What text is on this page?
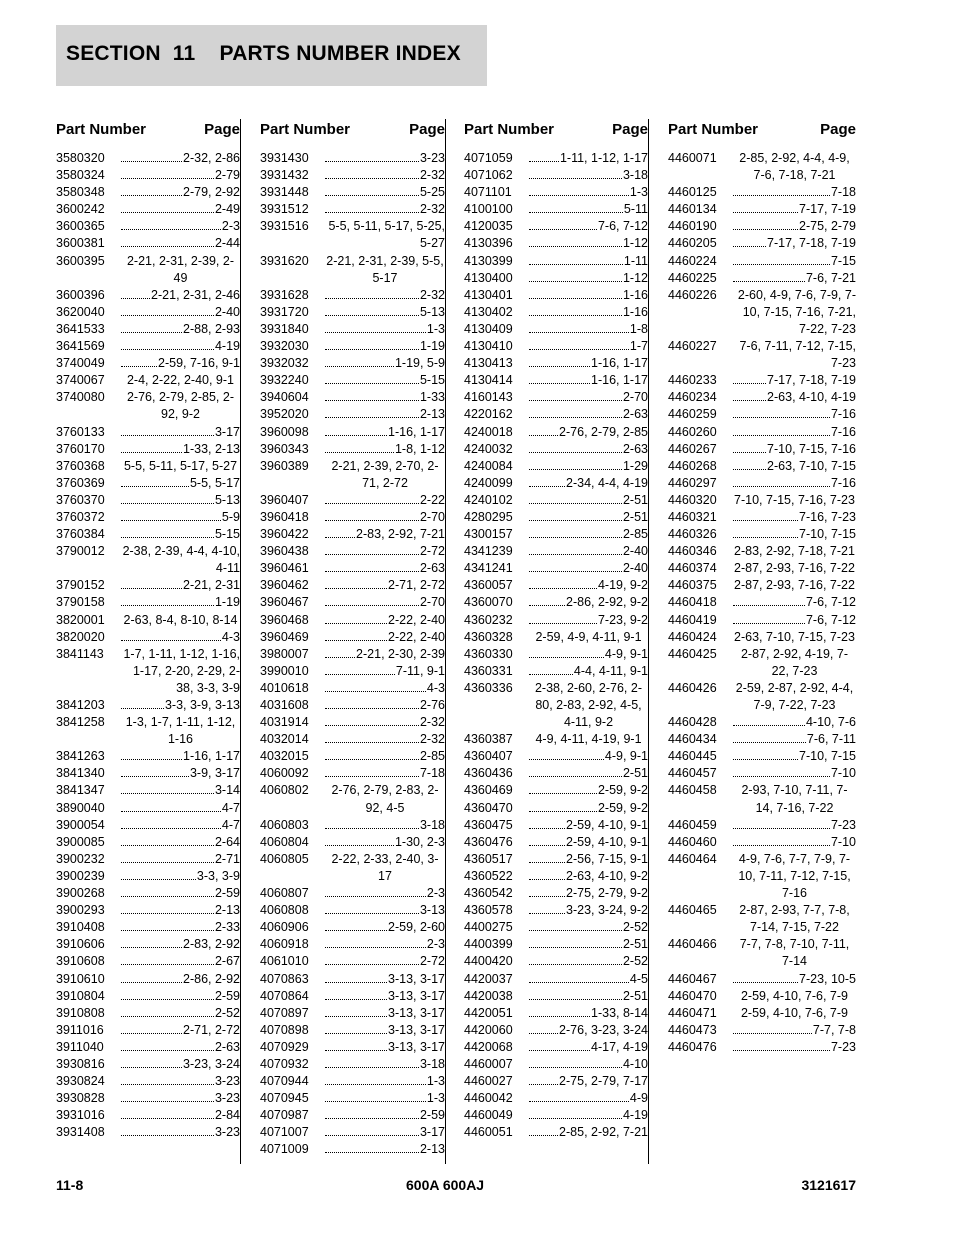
SECTION  11    PARTS NUMBER INDEX
Part Number	Page
3580320	2-32, 2-86
3580324	2-79
3580348	2-79, 2-92
3600242	2-49
3600365	2-3
3600381	2-44
3600395	2-21, 2-31, 2-39, 2-49
3600396	2-21, 2-31, 2-46
3620040	2-40
3641533	2-88, 2-93
3641569	4-19
3740049	2-59, 7-16, 9-1
3740067	2-4, 2-22, 2-40, 9-1
3740080	2-76, 2-79, 2-85, 2-92, 9-2
3760133	3-17
3760170	1-33, 2-13
3760368	5-5, 5-11, 5-17, 5-27
3760369	5-5, 5-17
3760370	5-13
3760372	5-9
3760384	5-15
3790012	2-38, 2-39, 4-4, 4-10, 4-11
3790152	2-21, 2-31
3790158	1-19
3820001	2-63, 8-4, 8-10, 8-14
3820020	4-3
3841143	1-7, 1-11, 1-12, 1-16, 1-17, 2-20, 2-29, 2-38, 3-3, 3-9
3841203	3-3, 3-9, 3-13
3841258	1-3, 1-7, 1-11, 1-12, 1-16
3841263	1-16, 1-17
3841340	3-9, 3-17
3841347	3-14
3890040	4-7
3900054	4-7
3900085	2-64
3900232	2-71
3900239	3-3, 3-9
3900268	2-59
3900293	2-13
3910408	2-33
3910606	2-83, 2-92
3910608	2-67
3910610	2-86, 2-92
3910804	2-59
3910808	2-52
3911016	2-71, 2-72
3911040	2-63
3930816	3-23, 3-24
3930824	3-23
3930828	3-23
3931016	2-84
3931408	3-23
Part Number	Page
3931430	3-23
3931432	2-32
3931448	5-25
3931512	2-32
3931516	5-5, 5-11, 5-17, 5-25, 5-27
3931620	2-21, 2-31, 2-39, 5-5, 5-17
3931628	2-32
3931720	5-13
3931840	1-3
3932030	1-19
3932032	1-19, 5-9
3932240	5-15
3940604	1-33
3952020	2-13
3960098	1-16, 1-17
3960343	1-8, 1-12
3960389	2-21, 2-39, 2-70, 2-71, 2-72
3960407	2-22
3960418	2-70
3960422	2-83, 2-92, 7-21
3960438	2-72
3960461	2-63
3960462	2-71, 2-72
3960467	2-70
3960468	2-22, 2-40
3960469	2-22, 2-40
3980007	2-21, 2-30, 2-39
3990010	7-11, 9-1
4010618	4-3
4031608	2-76
4031914	2-32
4032014	2-32
4032015	2-85
4060092	7-18
4060802	2-76, 2-79, 2-83, 2-92, 4-5
4060803	3-18
4060804	1-30, 2-3
4060805	2-22, 2-33, 2-40, 3-17
4060807	2-3
4060808	3-13
4060906	2-59, 2-60
4060918	2-3
4061010	2-72
4070863	3-13, 3-17
4070864	3-13, 3-17
4070897	3-13, 3-17
4070898	3-13, 3-17
4070929	3-13, 3-17
4070932	3-18
4070944	1-3
4070945	1-3
4070987	2-59
4071007	3-17
4071009	2-13
Part Number	Page
4071059	1-11, 1-12, 1-17
4071062	3-18
4071101	1-3
4100100	5-11
4120035	7-6, 7-12
4130396	1-12
4130399	1-11
4130400	1-12
4130401	1-16
4130402	1-16
4130409	1-8
4130410	1-7
4130413	1-16, 1-17
4130414	1-16, 1-17
4160143	2-70
4220162	2-63
4240018	2-76, 2-79, 2-85
4240032	2-63
4240084	1-29
4240099	2-34, 4-4, 4-19
4240102	2-51
4280295	2-51
4300157	2-85
4341239	2-40
4341241	2-40
4360057	4-19, 9-2
4360070	2-86, 2-92, 9-2
4360232	7-23, 9-2
4360328	2-59, 4-9, 4-11, 9-1
4360330	4-9, 9-1
4360331	4-4, 4-11, 9-1
4360336	2-38, 2-60, 2-76, 2-80, 2-83, 2-92, 4-5, 4-11, 9-2
4360387	4-9, 4-11, 4-19, 9-1
4360407	4-9, 9-1
4360436	2-51
4360469	2-59, 9-2
4360470	2-59, 9-2
4360475	2-59, 4-10, 9-1
4360476	2-59, 4-10, 9-1
4360517	2-56, 7-15, 9-1
4360522	2-63, 4-10, 9-2
4360542	2-75, 2-79, 9-2
4360578	3-23, 3-24, 9-2
4400275	2-52
4400399	2-51
4400420	2-52
4420037	4-5
4420038	2-51
4420051	1-33, 8-14
4420060	2-76, 3-23, 3-24
4420068	4-17, 4-19
4460007	4-10
4460027	2-75, 2-79, 7-17
4460042	4-9
4460049	4-19
4460051	2-85, 2-92, 7-21
Part Number	Page
4460071	2-85, 2-92, 4-4, 4-9, 7-6, 7-18, 7-21
4460125	7-18
4460134	7-17, 7-19
4460190	2-75, 2-79
4460205	7-17, 7-18, 7-19
4460224	7-15
4460225	7-6, 7-21
4460226	2-60, 4-9, 7-6, 7-9, 7-10, 7-15, 7-16, 7-21, 7-22, 7-23
4460227	7-6, 7-11, 7-12, 7-15, 7-23
4460233	7-17, 7-18, 7-19
4460234	2-63, 4-10, 4-19
4460259	7-16
4460260	7-16
4460267	7-10, 7-15, 7-16
4460268	2-63, 7-10, 7-15
4460297	7-16
4460320	7-10, 7-15, 7-16, 7-23
4460321	7-16, 7-23
4460326	7-10, 7-15
4460346	2-83, 2-92, 7-18, 7-21
4460374	2-87, 2-93, 7-16, 7-22
4460375	2-87, 2-93, 7-16, 7-22
4460418	7-6, 7-12
4460419	7-6, 7-12
4460424	2-63, 7-10, 7-15, 7-23
4460425	2-87, 2-92, 4-19, 7-22, 7-23
4460426	2-59, 2-87, 2-92, 4-4, 7-9, 7-22, 7-23
4460428	4-10, 7-6
4460434	7-6, 7-11
4460445	7-10, 7-15
4460457	7-10
4460458	2-93, 7-10, 7-11, 7-14, 7-16, 7-22
4460459	7-23
4460460	7-10
4460464	4-9, 7-6, 7-7, 7-9, 7-10, 7-11, 7-12, 7-15, 7-16
4460465	2-87, 2-93, 7-7, 7-8, 7-14, 7-15, 7-22
4460466	7-7, 7-8, 7-10, 7-11, 7-14
4460467	7-23, 10-5
4460470	2-59, 4-10, 7-6, 7-9
4460471	2-59, 4-10, 7-6, 7-9
4460473	7-7, 7-8
4460476	7-23
11-8	600A 600AJ	3121617
